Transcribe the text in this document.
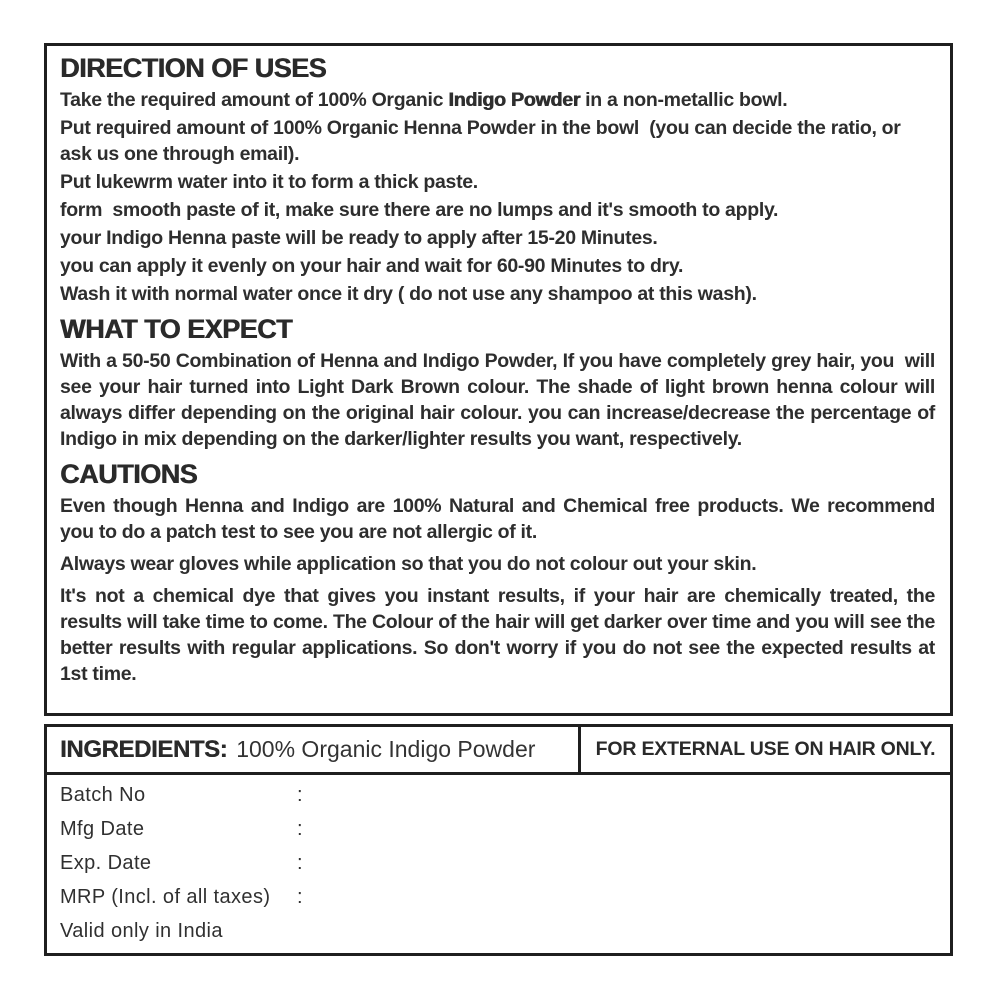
DIRECTION OF USES
Take the required amount of 100% Organic Indigo Powder in a non-metallic bowl.
Put required amount of 100% Organic Henna Powder in the bowl  (you can decide the ratio, or ask us one through email).
Put lukewrm water into it to form a thick paste.
form  smooth paste of it, make sure there are no lumps and it's smooth to apply.
your Indigo Henna paste will be ready to apply after 15-20 Minutes.
you can apply it evenly on your hair and wait for 60-90 Minutes to dry.
Wash it with normal water once it dry ( do not use any shampoo at this wash).
WHAT TO EXPECT

With a 50-50 Combination of Henna and Indigo Powder, If you have completely grey hair, you  will see your hair turned into Light Dark Brown colour. The shade of light brown henna colour will always differ depending on the original hair colour. you can increase/decrease the percentage of Indigo in mix depending on the darker/lighter results you want, respectively.

CAUTIONS

Even though Henna and Indigo are 100% Natural and Chemical free products. We recommend you to do a patch test to see you are not allergic of it.

Always wear gloves while application so that you do not colour out your skin.

It's not a chemical dye that gives you instant results, if your hair are chemically treated, the results will take time to come. The Colour of the hair will get darker over time and you will see the better results with regular applications. So don't worry if you do not see the expected results at 1st time.

INGREDIENTS: 100% Organic Indigo Powder	FOR EXTERNAL USE ON HAIR ONLY.
Batch No	:
Mfg Date	:
Exp. Date	:
MRP (Incl. of all taxes)	:
Valid only in India
